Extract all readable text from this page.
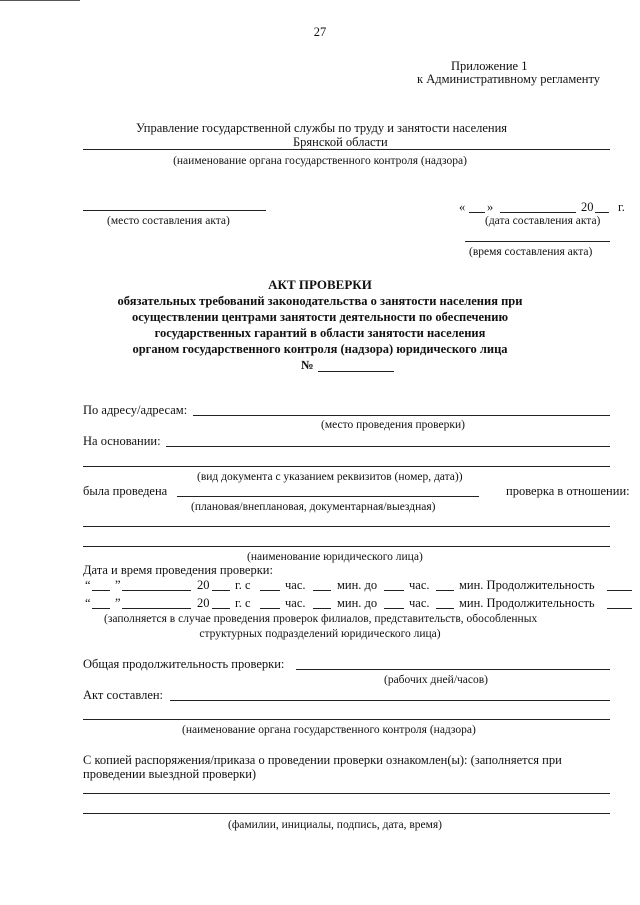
27
Приложение 1
к Административному регламенту
Управление государственной службы по труду и занятости населения
Брянской области
(наименование органа государственного контроля (надзора)
(место составления акта)
« »	20 г.
(дата составления акта)
(время составления акта)
АКТ ПРОВЕРКИ
обязательных требований законодательства о занятости населения при
осуществлении центрами занятости деятельности по обеспечению
государственных гарантий в области занятости населения
органом государственного контроля (надзора) юридического лица
№
По адресу/адресам:
(место проведения проверки)
На основании:
(вид документа с указанием реквизитов (номер, дата))
была проведена	проверка в отношении:
(плановая/внеплановая, документарная/выездная)
(наименование юридического лица)
Дата и время проведения проверки:
“ ”	20 г. с	час.	мин. до	час. мин. Продолжительность
“ ”	20 г. с	час.	мин. до	час. мин. Продолжительность
(заполняется в случае проведения проверок филиалов, представительств, обособленных
структурных подразделений юридического лица)
Общая продолжительность проверки:
(рабочих дней/часов)
Акт составлен:
(наименование органа государственного контроля (надзора)
С копией распоряжения/приказа о проведении проверки ознакомлен(ы): (заполняется при
проведении выездной проверки)
(фамилии, инициалы, подпись, дата, время)
